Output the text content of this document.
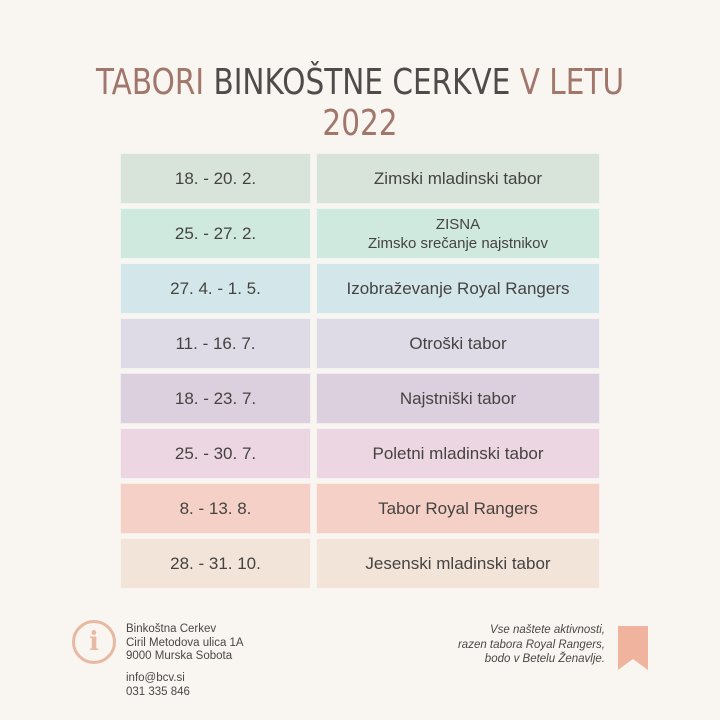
TABORI BINKOŠTNE CERKVE V LETU 2022
18. - 20. 2.	Zimski mladinski tabor
25. - 27. 2.	ZISNA
Zimsko srečanje najstnikov
27. 4. - 1. 5.	Izobraževanje Royal Rangers
11. - 16. 7.	Otroški tabor
18. - 23. 7.	Najstniški tabor
25. - 30. 7.	Poletni mladinski tabor
8. - 13. 8.	Tabor Royal Rangers
28. - 31. 10.	Jesenski mladinski tabor
i Binkoštna Cerkev
Ciril Metodova ulica 1A
9000 Murska Sobota
info@bcv.si
031 335 846
Vse naštete aktivnosti,
razen tabora Royal Rangers,
bodo v Betelu Ženavlje.
